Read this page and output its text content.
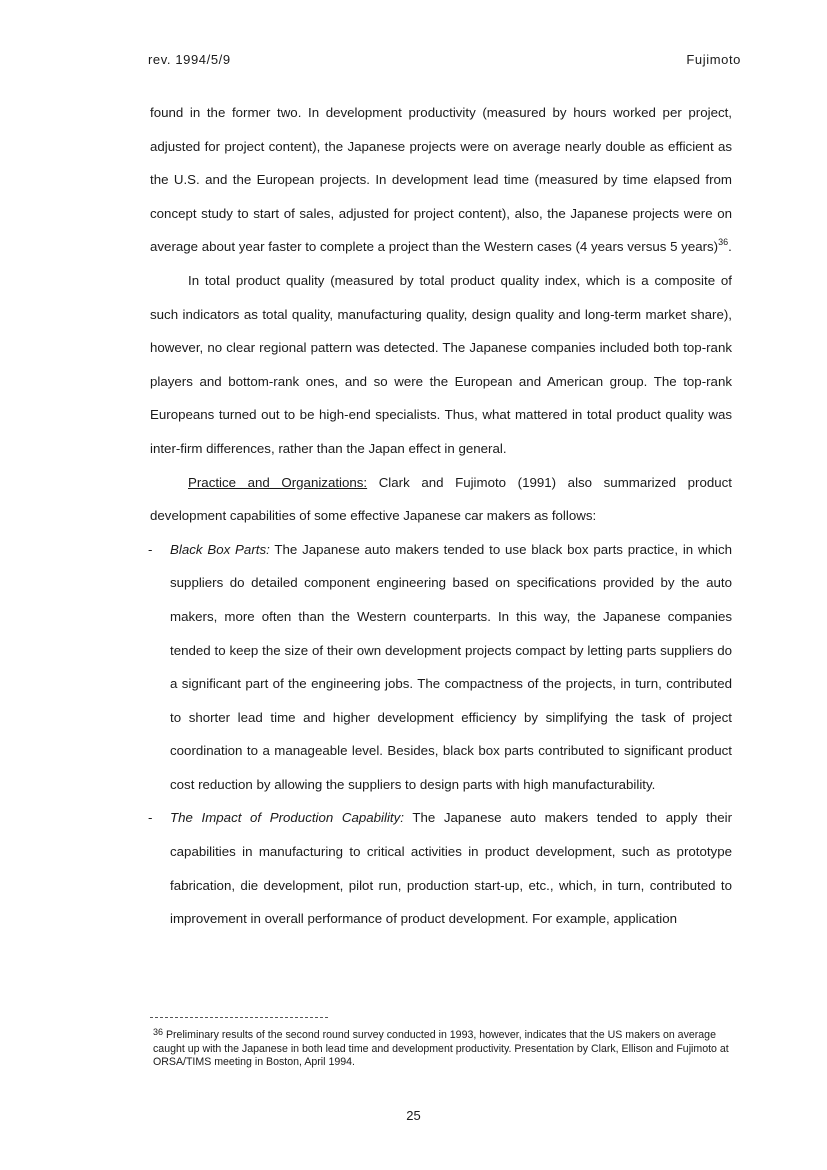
rev. 1994/5/9	Fujimoto

found in the former two. In development productivity (measured by hours worked per project, adjusted for project content), the Japanese projects were on average nearly double as efficient as the U.S. and the European projects. In development lead time (measured by time elapsed from concept study to start of sales, adjusted for project content), also, the Japanese projects were on average about year faster to complete a project than the Western cases (4 years versus 5 years)$^{36}$.

In total product quality (measured by total product quality index, which is a composite of such indicators as total quality, manufacturing quality, design quality and long-term market share), however, no clear regional pattern was detected. The Japanese companies included both top-rank players and bottom-rank ones, and so were the European and American group. The top-rank Europeans turned out to be high-end specialists. Thus, what mattered in total product quality was inter-firm differences, rather than the Japan effect in general.

Practice and Organizations: Clark and Fujimoto (1991) also summarized product development capabilities of some effective Japanese car makers as follows:

- Black Box Parts: The Japanese auto makers tended to use black box parts practice, in which suppliers do detailed component engineering based on specifications provided by the auto makers, more often than the Western counterparts. In this way, the Japanese companies tended to keep the size of their own development projects compact by letting parts suppliers do a significant part of the engineering jobs. The compactness of the projects, in turn, contributed to shorter lead time and higher development efficiency by simplifying the task of project coordination to a manageable level. Besides, black box parts contributed to significant product cost reduction by allowing the suppliers to design parts with high manufacturability.

- The Impact of Production Capability: The Japanese auto makers tended to apply their capabilities in manufacturing to critical activities in product development, such as prototype fabrication, die development, pilot run, production start-up, etc., which, in turn, contributed to improvement in overall performance of product development. For example, application

$^{36}$ Preliminary results of the second round survey conducted in 1993, however, indicates that the US makers on average caught up with the Japanese in both lead time and development productivity. Presentation by Clark, Ellison and Fujimoto at ORSA/TIMS meeting in Boston, April 1994.
25
